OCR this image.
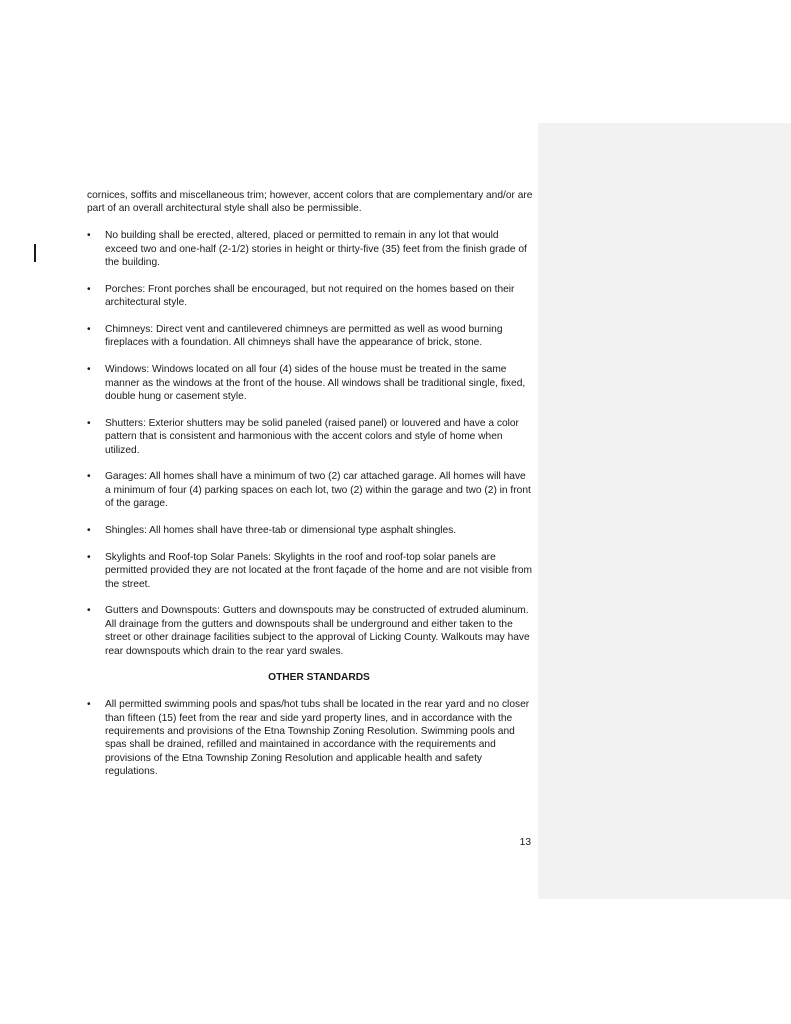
cornices, soffits and miscellaneous trim; however, accent colors that are complementary and/or are part of an overall architectural style shall also be permissible.

•	No building shall be erected, altered, placed or permitted to remain in any lot that would exceed two and one-half (2-1/2) stories in height or thirty-five (35) feet from the finish grade of the building.
•	Porches: Front porches shall be encouraged, but not required on the homes based on their architectural style.
•	Chimneys: Direct vent and cantilevered chimneys are permitted as well as wood burning fireplaces with a foundation. All chimneys shall have the appearance of brick, stone.
•	Windows: Windows located on all four (4) sides of the house must be treated in the same manner as the windows at the front of the house. All windows shall be traditional single, fixed, double hung or casement style.
•	Shutters: Exterior shutters may be solid paneled (raised panel) or louvered and have a color pattern that is consistent and harmonious with the accent colors and style of home when utilized.
•	Garages: All homes shall have a minimum of two (2) car attached garage. All homes will have a minimum of four (4) parking spaces on each lot, two (2) within the garage and two (2) in front of the garage.
•	Shingles: All homes shall have three-tab or dimensional type asphalt shingles.
•	Skylights and Roof-top Solar Panels: Skylights in the roof and roof-top solar panels are permitted provided they are not located at the front façade of the home and are not visible from the street.
•	Gutters and Downspouts: Gutters and downspouts may be constructed of extruded aluminum. All drainage from the gutters and downspouts shall be underground and either taken to the street or other drainage facilities subject to the approval of Licking County. Walkouts may have rear downspouts which drain to the rear yard swales.

OTHER STANDARDS

•	All permitted swimming pools and spas/hot tubs shall be located in the rear yard and no closer than fifteen (15) feet from the rear and side yard property lines, and in accordance with the requirements and provisions of the Etna Township Zoning Resolution. Swimming pools and spas shall be drained, refilled and maintained in accordance with the requirements and provisions of the Etna Township Zoning Resolution and applicable health and safety regulations.
13
